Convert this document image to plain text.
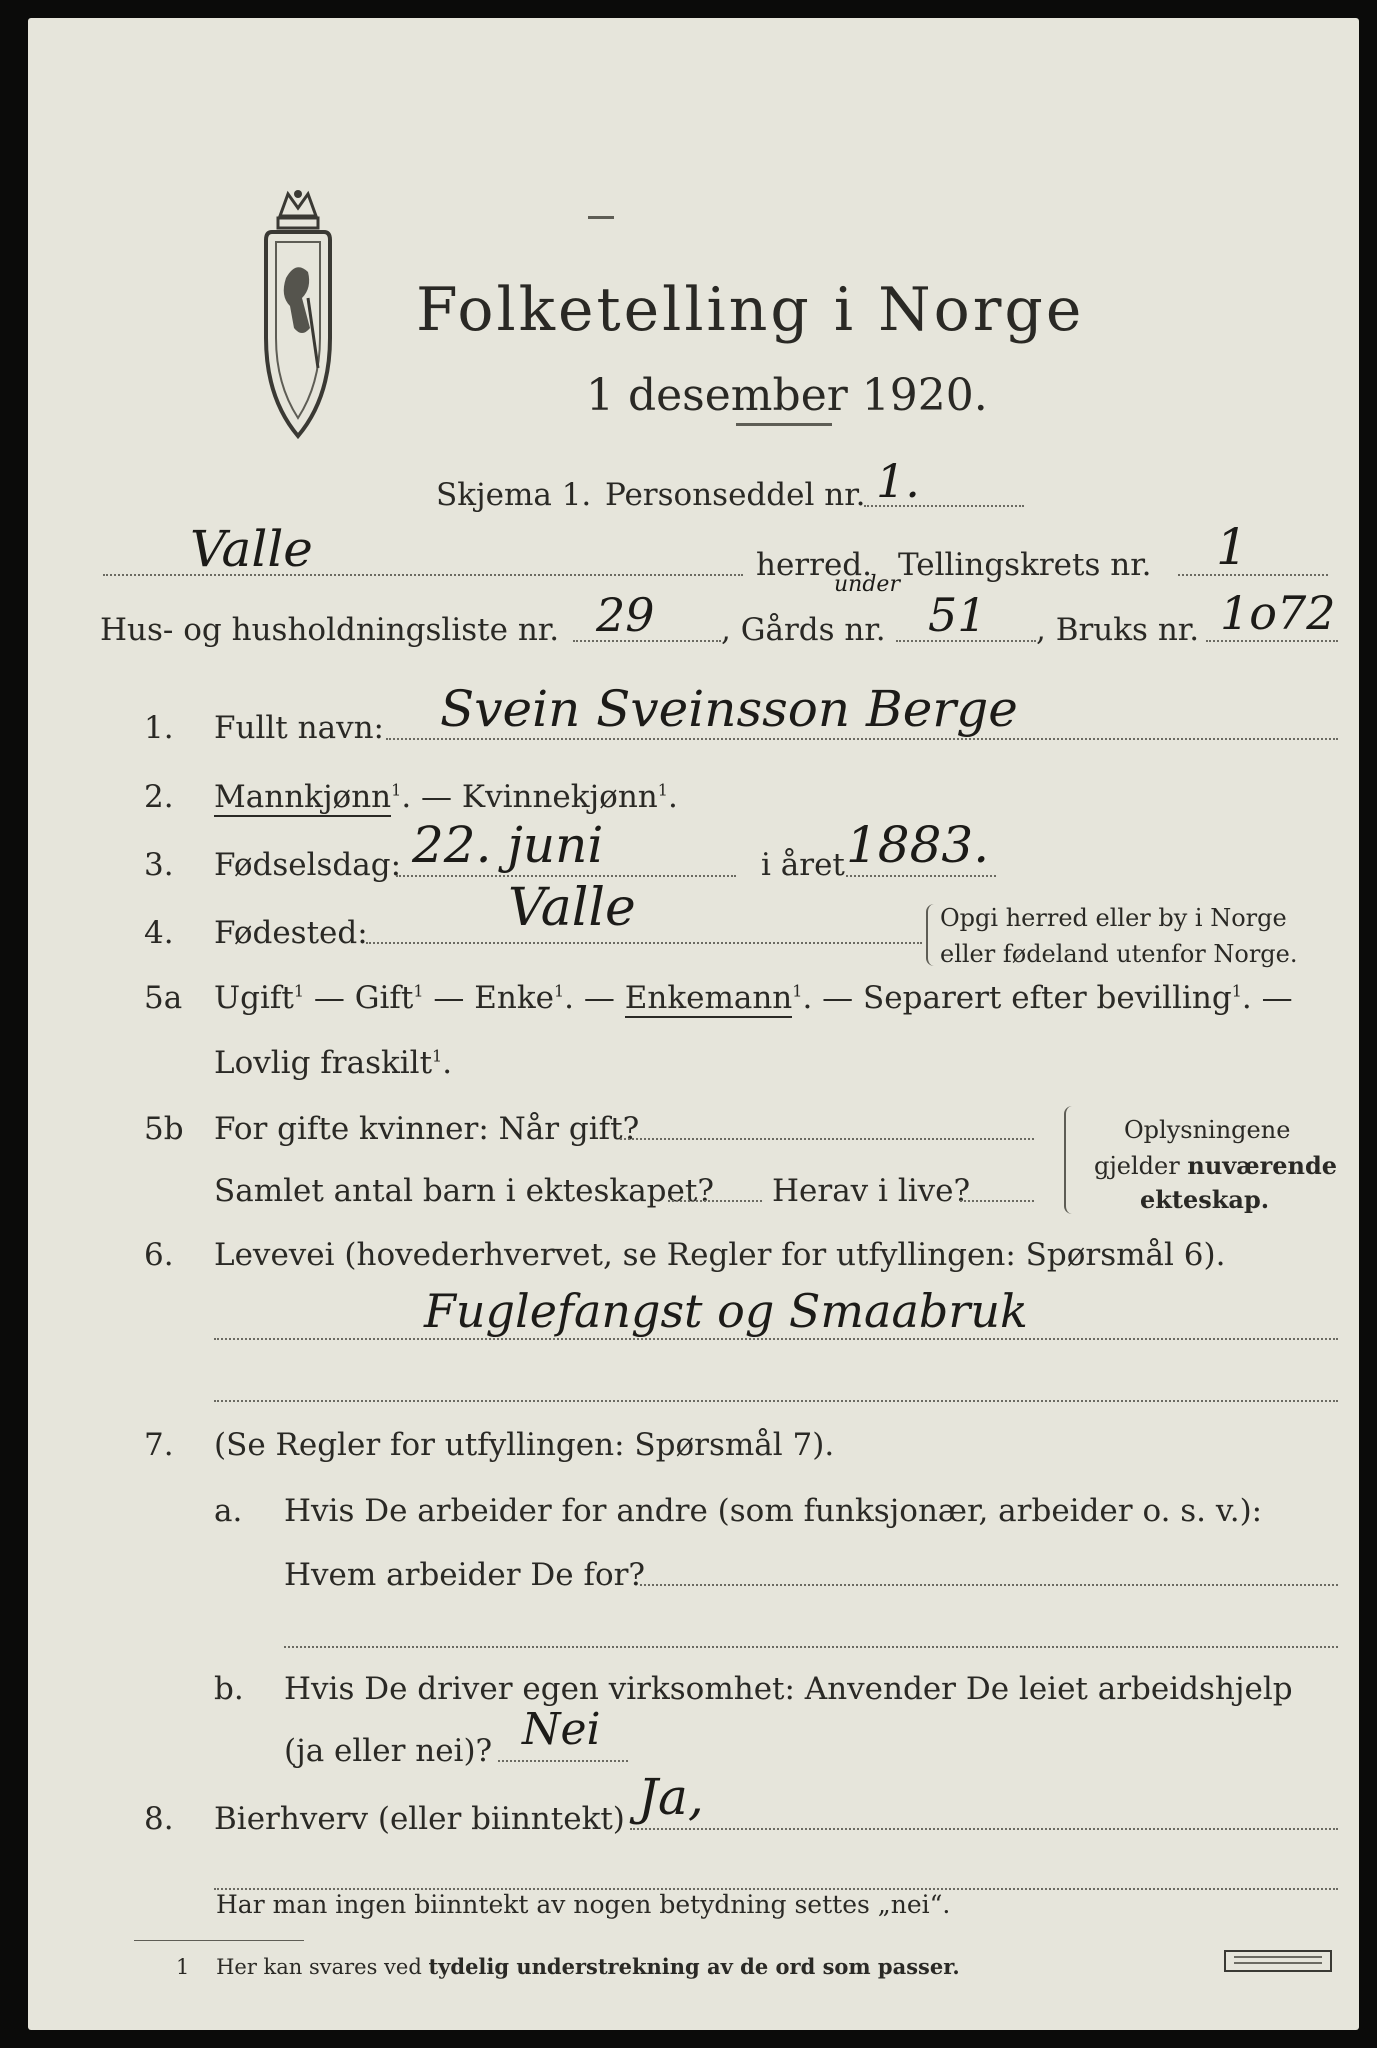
Folketelling i Norge
1 desember 1920.
Skjema 1. Personseddel nr. 1.
Valle	herred. Tellingskrets nr. 1
Hus- og husholdningsliste nr. 29 , Gårds nr.
under
51 , Bruks nr. 1o72
1. Fullt navn: Svein Sveinsson Berge
2. Mannkjønn$^1$. — Kvinnekjønn$^1$.
3. Fødselsdag: 22. juni	i året 1883.
4. Fødested:	Valle	Opgi herred eller by i Norge
eller fødeland utenfor Norge.
5a Ugift$^1$ — Gift$^1$ — Enke$^1$. — Enkemann$^1$. — Separert efter bevilling$^1$. —
Lovlig fraskilt$^1$.
5b For gifte kvinner: Når gift?
Samlet antal barn i ekteskapet? Herav i live?
Oplysningene
gjelder nuværende
ekteskap.
6. Levevei (hovederhvervet, se Regler for utfyllingen: Spørsmål 6).
Fuglefangst og Smaabruk
7. (Se Regler for utfyllingen: Spørsmål 7).
a. Hvis De arbeider for andre (som funksjonær, arbeider o. s. v.):
Hvem arbeider De for?
b. Hvis De driver egen virksomhet: Anvender De leiet arbeidshjelp
(ja eller nei)? Nei
8. Bierhverv (eller biinntekt) Ja,
Har man ingen biinntekt av nogen betydning settes „nei“.
1 Her kan svares ved tydelig understrekning av de ord som passer.
